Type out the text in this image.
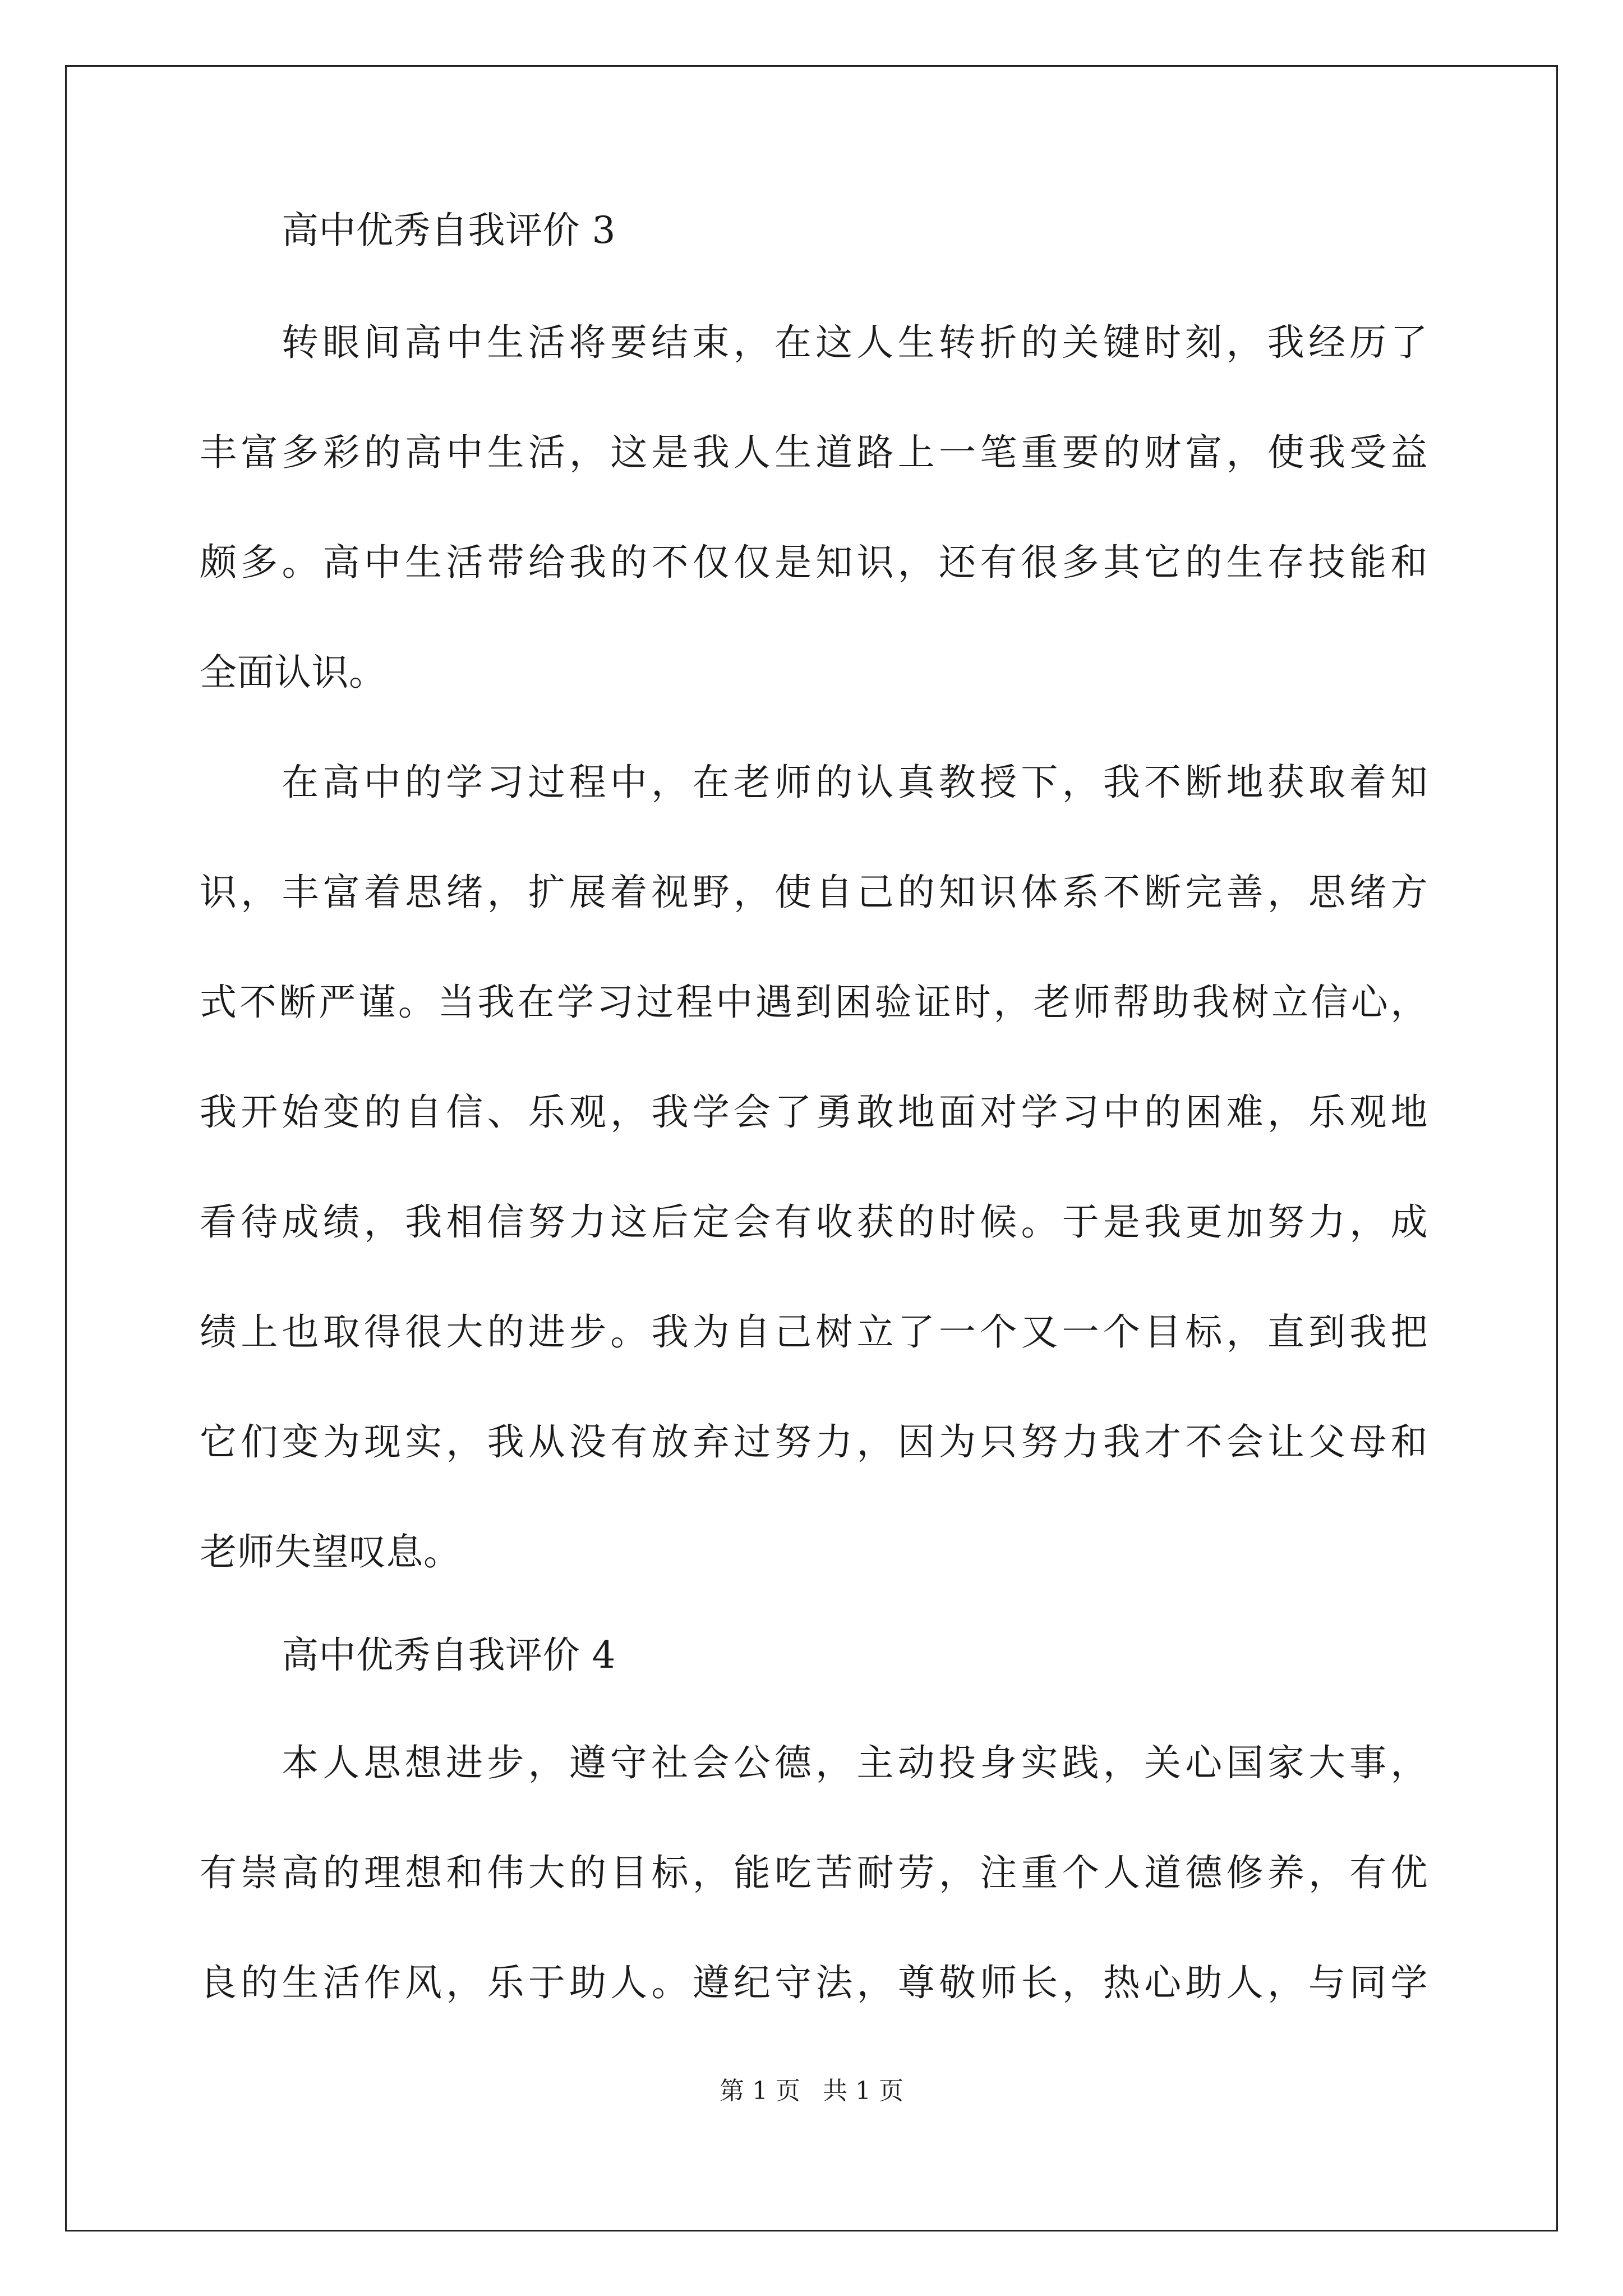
高中优秀自我评价 3
转眼间高中生活将要结束，在这人生转折的关键时刻，我经历了
丰富多彩的高中生活，这是我人生道路上一笔重要的财富，使我受益
颇多。高中生活带给我的不仅仅是知识，还有很多其它的生存技能和
全面认识。
在高中的学习过程中，在老师的认真教授下，我不断地获取着知
识，丰富着思绪，扩展着视野，使自己的知识体系不断完善，思绪方
式不断严谨。当我在学习过程中遇到困验证时，老师帮助我树立信心，
我开始变的自信、乐观，我学会了勇敢地面对学习中的困难，乐观地
看待成绩，我相信努力这后定会有收获的时候。于是我更加努力，成
绩上也取得很大的进步。我为自己树立了一个又一个目标，直到我把
它们变为现实，我从没有放弃过努力，因为只努力我才不会让父母和
老师失望叹息。
高中优秀自我评价 4
本人思想进步，遵守社会公德，主动投身实践，关心国家大事，
有崇高的理想和伟大的目标，能吃苦耐劳，注重个人道德修养，有优
良的生活作风，乐于助人。遵纪守法，尊敬师长，热心助人，与同学
第 1 页 共 1 页
